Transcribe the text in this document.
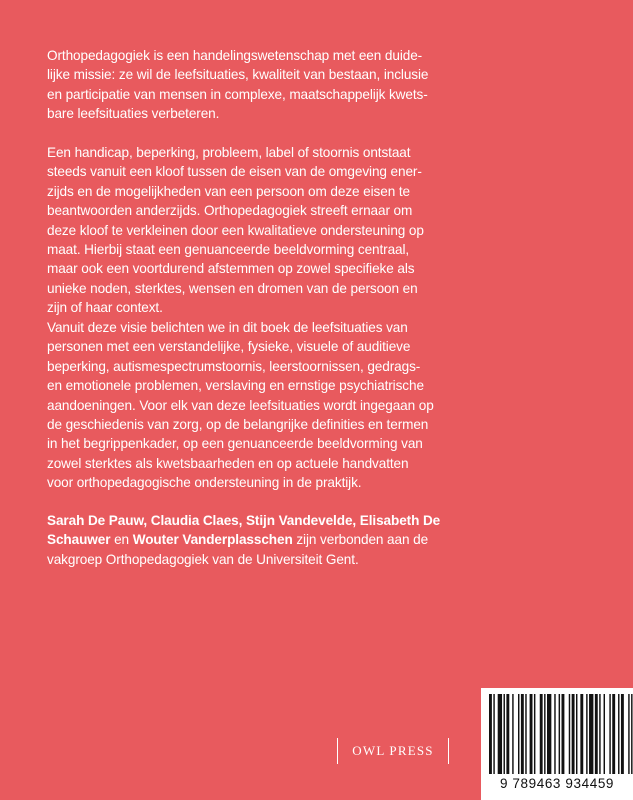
Orthopedagogiek is een handelingswetenschap met een duide-
lijke missie: ze wil de leefsituaties, kwaliteit van bestaan, inclusie
en participatie van mensen in complexe, maatschappelijk kwets-
bare leefsituaties verbeteren.

Een handicap, beperking, probleem, label of stoornis ontstaat
steeds vanuit een kloof tussen de eisen van de omgeving ener-
zijds en de mogelijkheden van een persoon om deze eisen te
beantwoorden anderzijds. Orthopedagogiek streeft ernaar om
deze kloof te verkleinen door een kwalitatieve ondersteuning op
maat. Hierbij staat een genuanceerde beeldvorming centraal,
maar ook een voortdurend afstemmen op zowel specifieke als
unieke noden, sterktes, wensen en dromen van de persoon en
zijn of haar context.

Vanuit deze visie belichten we in dit boek de leefsituaties van
personen met een verstandelijke, fysieke, visuele of auditieve
beperking, autismespectrumstoornis, leerstoornissen, gedrags-
en emotionele problemen, verslaving en ernstige psychiatrische
aandoeningen. Voor elk van deze leefsituaties wordt ingegaan op
de geschiedenis van zorg, op de belangrijke definities en termen
in het begrippenkader, op een genuanceerde beeldvorming van
zowel sterktes als kwetsbaarheden en op actuele handvatten
voor orthopedagogische ondersteuning in de praktijk.

Sarah De Pauw, Claudia Claes, Stijn Vandevelde, Elisabeth De
Schauwer en Wouter Vanderplasschen zijn verbonden aan de
vakgroep Orthopedagogiek van de Universiteit Gent.

OWL PRESS
9 789463 934459
